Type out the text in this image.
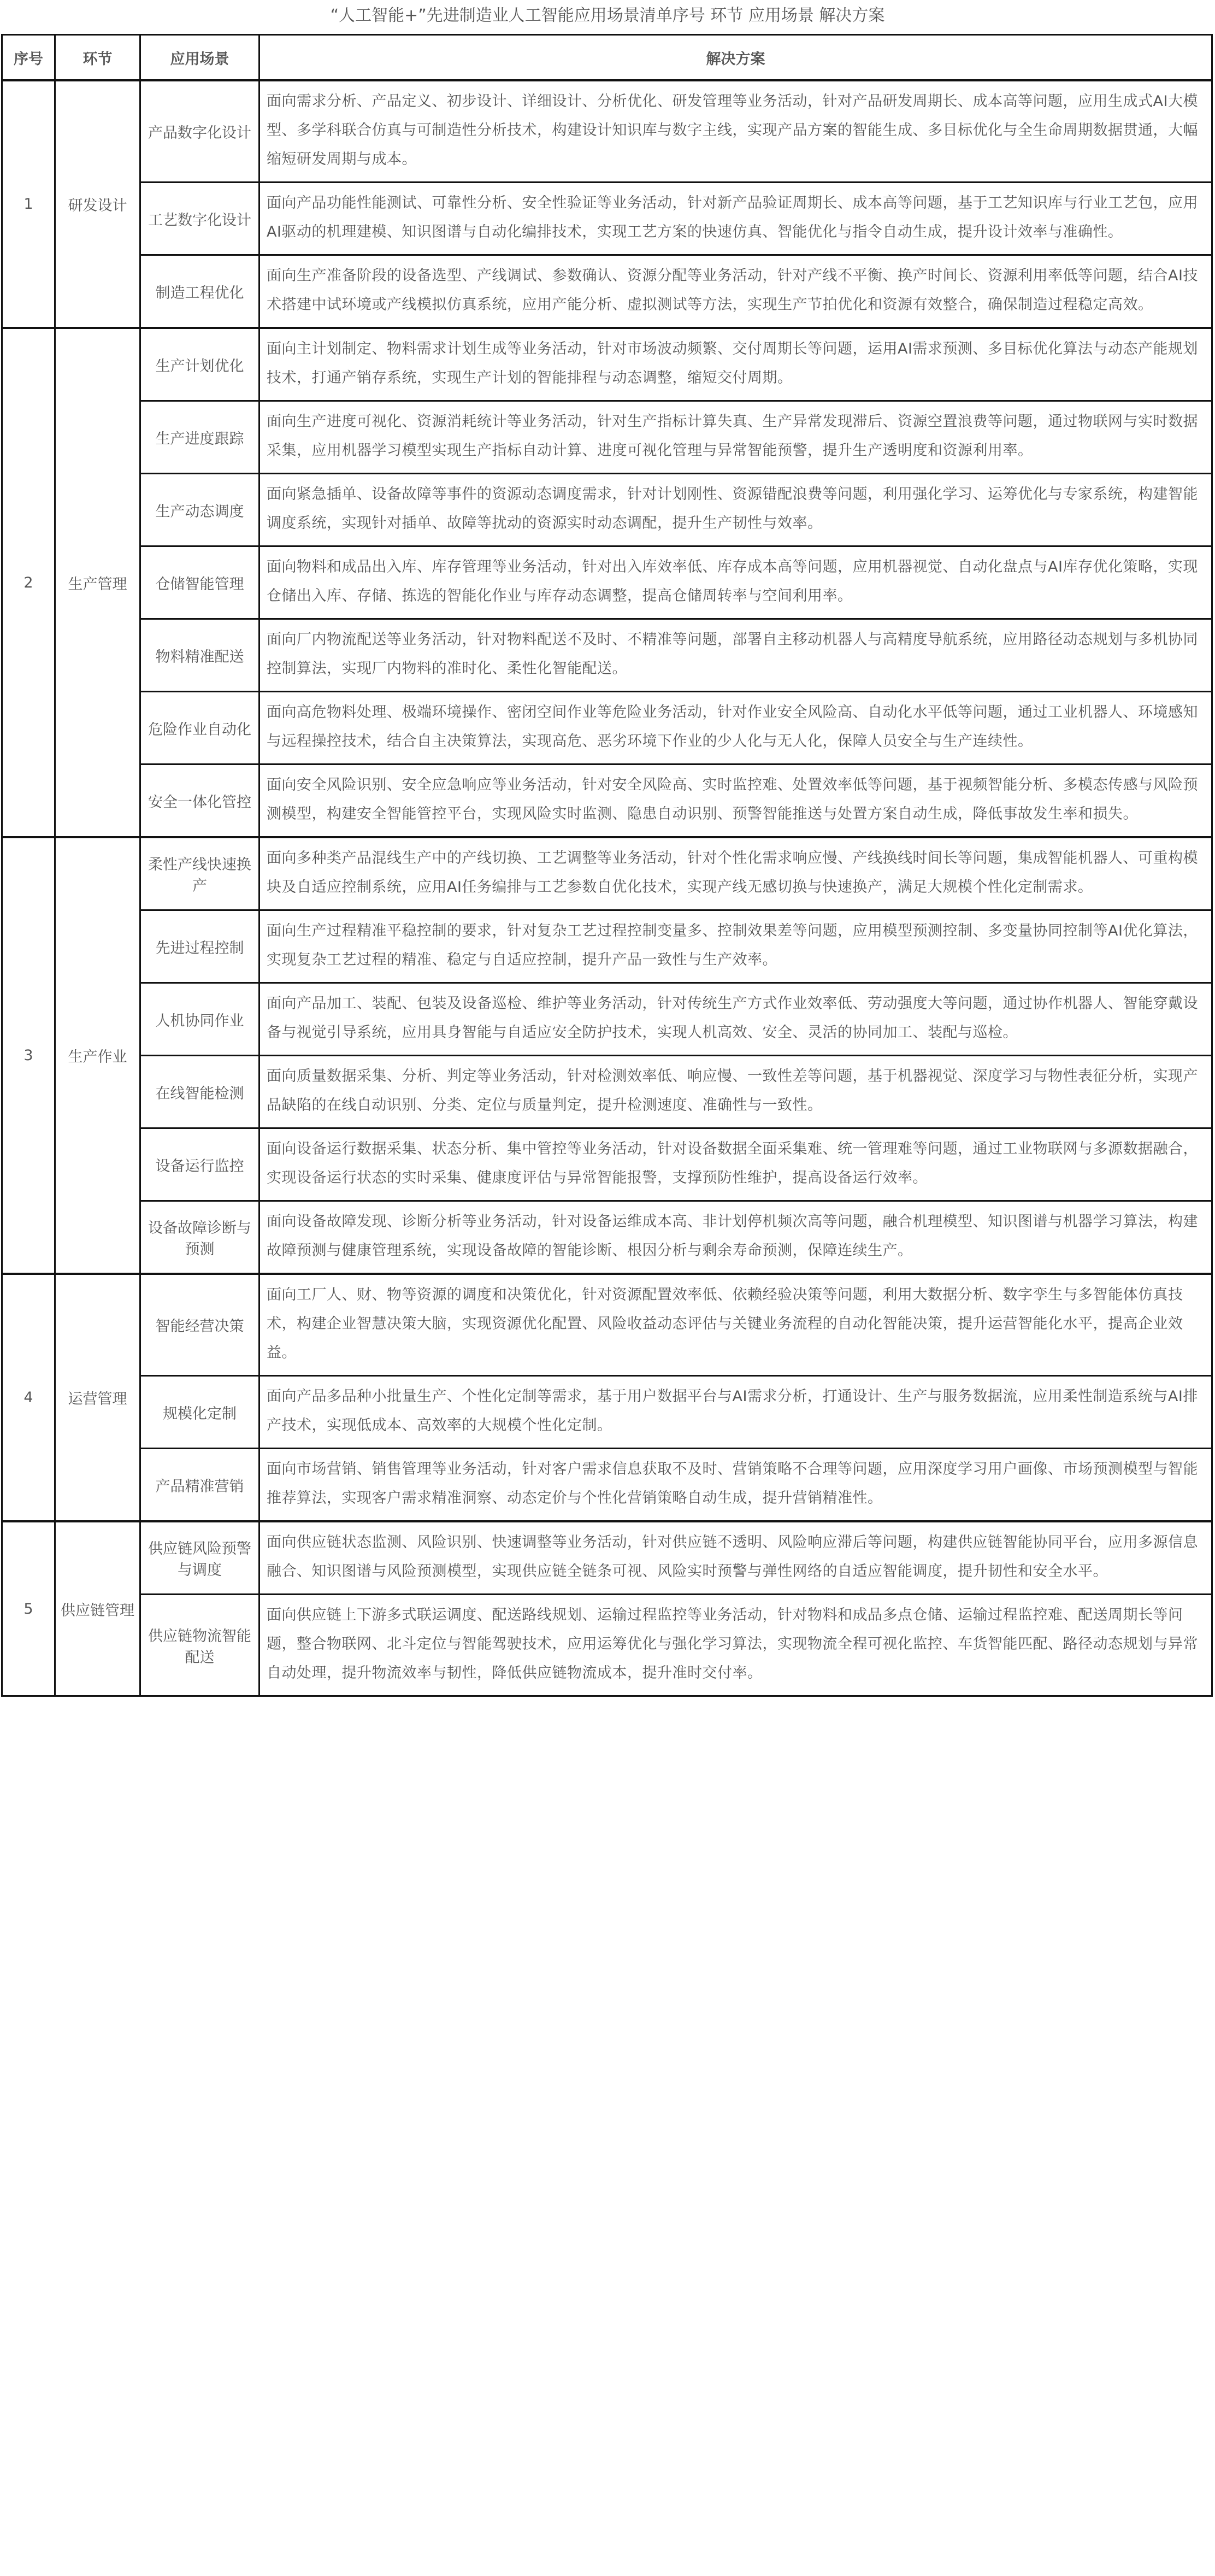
“人工智能+”先进制造业人工智能应用场景清单序号 环节 应用场景 解决方案
序号	环节	应用场景	解决方案
1	研发设计	产品数字化设计	面向需求分析、产品定义、初步设计、详细设计、分析优化、研发管理等业务活动，针对产品研发周期长、成本高等问题，应用生成式AI大模型、多学科联合仿真与可制造性分析技术，构建设计知识库与数字主线，实现产品方案的智能生成、多目标优化与全生命周期数据贯通，大幅缩短研发周期与成本。
		工艺数字化设计	面向产品功能性能测试、可靠性分析、安全性验证等业务活动，针对新产品验证周期长、成本高等问题，基于工艺知识库与行业工艺包，应用AI驱动的机理建模、知识图谱与自动化编排技术，实现工艺方案的快速仿真、智能优化与指令自动生成，提升设计效率与准确性。
		制造工程优化	面向生产准备阶段的设备选型、产线调试、参数确认、资源分配等业务活动，针对产线不平衡、换产时间长、资源利用率低等问题，结合AI技术搭建中试环境或产线模拟仿真系统，应用产能分析、虚拟测试等方法，实现生产节拍优化和资源有效整合，确保制造过程稳定高效。
2	生产管理	生产计划优化	面向主计划制定、物料需求计划生成等业务活动，针对市场波动频繁、交付周期长等问题，运用AI需求预测、多目标优化算法与动态产能规划技术，打通产销存系统，实现生产计划的智能排程与动态调整，缩短交付周期。
		生产进度跟踪	面向生产进度可视化、资源消耗统计等业务活动，针对生产指标计算失真、生产异常发现滞后、资源空置浪费等问题，通过物联网与实时数据采集，应用机器学习模型实现生产指标自动计算、进度可视化管理与异常智能预警，提升生产透明度和资源利用率。
		生产动态调度	面向紧急插单、设备故障等事件的资源动态调度需求，针对计划刚性、资源错配浪费等问题，利用强化学习、运筹优化与专家系统，构建智能调度系统，实现针对插单、故障等扰动的资源实时动态调配，提升生产韧性与效率。
		仓储智能管理	面向物料和成品出入库、库存管理等业务活动，针对出入库效率低、库存成本高等问题，应用机器视觉、自动化盘点与AI库存优化策略，实现仓储出入库、存储、拣选的智能化作业与库存动态调整，提高仓储周转率与空间利用率。
		物料精准配送	面向厂内物流配送等业务活动，针对物料配送不及时、不精准等问题，部署自主移动机器人与高精度导航系统，应用路径动态规划与多机协同控制算法，实现厂内物料的准时化、柔性化智能配送。
		危险作业自动化	面向高危物料处理、极端环境操作、密闭空间作业等危险业务活动，针对作业安全风险高、自动化水平低等问题，通过工业机器人、环境感知与远程操控技术，结合自主决策算法，实现高危、恶劣环境下作业的少人化与无人化，保障人员安全与生产连续性。
		安全一体化管控	面向安全风险识别、安全应急响应等业务活动，针对安全风险高、实时监控难、处置效率低等问题，基于视频智能分析、多模态传感与风险预测模型，构建安全智能管控平台，实现风险实时监测、隐患自动识别、预警智能推送与处置方案自动生成，降低事故发生率和损失。
3	生产作业	柔性产线快速换产	面向多种类产品混线生产中的产线切换、工艺调整等业务活动，针对个性化需求响应慢、产线换线时间长等问题，集成智能机器人、可重构模块及自适应控制系统，应用AI任务编排与工艺参数自优化技术，实现产线无感切换与快速换产，满足大规模个性化定制需求。
		先进过程控制	面向生产过程精准平稳控制的要求，针对复杂工艺过程控制变量多、控制效果差等问题，应用模型预测控制、多变量协同控制等AI优化算法，实现复杂工艺过程的精准、稳定与自适应控制，提升产品一致性与生产效率。
		人机协同作业	面向产品加工、装配、包装及设备巡检、维护等业务活动，针对传统生产方式作业效率低、劳动强度大等问题，通过协作机器人、智能穿戴设备与视觉引导系统，应用具身智能与自适应安全防护技术，实现人机高效、安全、灵活的协同加工、装配与巡检。
		在线智能检测	面向质量数据采集、分析、判定等业务活动，针对检测效率低、响应慢、一致性差等问题，基于机器视觉、深度学习与物性表征分析，实现产品缺陷的在线自动识别、分类、定位与质量判定，提升检测速度、准确性与一致性。
		设备运行监控	面向设备运行数据采集、状态分析、集中管控等业务活动，针对设备数据全面采集难、统一管理难等问题，通过工业物联网与多源数据融合，实现设备运行状态的实时采集、健康度评估与异常智能报警，支撑预防性维护，提高设备运行效率。
		设备故障诊断与预测	面向设备故障发现、诊断分析等业务活动，针对设备运维成本高、非计划停机频次高等问题，融合机理模型、知识图谱与机器学习算法，构建故障预测与健康管理系统，实现设备故障的智能诊断、根因分析与剩余寿命预测，保障连续生产。
4	运营管理	智能经营决策	面向工厂人、财、物等资源的调度和决策优化，针对资源配置效率低、依赖经验决策等问题，利用大数据分析、数字孪生与多智能体仿真技术，构建企业智慧决策大脑，实现资源优化配置、风险收益动态评估与关键业务流程的自动化智能决策，提升运营智能化水平，提高企业效益。
		规模化定制	面向产品多品种小批量生产、个性化定制等需求，基于用户数据平台与AI需求分析，打通设计、生产与服务数据流，应用柔性制造系统与AI排产技术，实现低成本、高效率的大规模个性化定制。
		产品精准营销	面向市场营销、销售管理等业务活动，针对客户需求信息获取不及时、营销策略不合理等问题，应用深度学习用户画像、市场预测模型与智能推荐算法，实现客户需求精准洞察、动态定价与个性化营销策略自动生成，提升营销精准性。
5	供应链管理	供应链风险预警与调度	面向供应链状态监测、风险识别、快速调整等业务活动，针对供应链不透明、风险响应滞后等问题，构建供应链智能协同平台，应用多源信息融合、知识图谱与风险预测模型，实现供应链全链条可视、风险实时预警与弹性网络的自适应智能调度，提升韧性和安全水平。
		供应链物流智能配送	面向供应链上下游多式联运调度、配送路线规划、运输过程监控等业务活动，针对物料和成品多点仓储、运输过程监控难、配送周期长等问题，整合物联网、北斗定位与智能驾驶技术，应用运筹优化与强化学习算法，实现物流全程可视化监控、车货智能匹配、路径动态规划与异常自动处理，提升物流效率与韧性，降低供应链物流成本，提升准时交付率。
